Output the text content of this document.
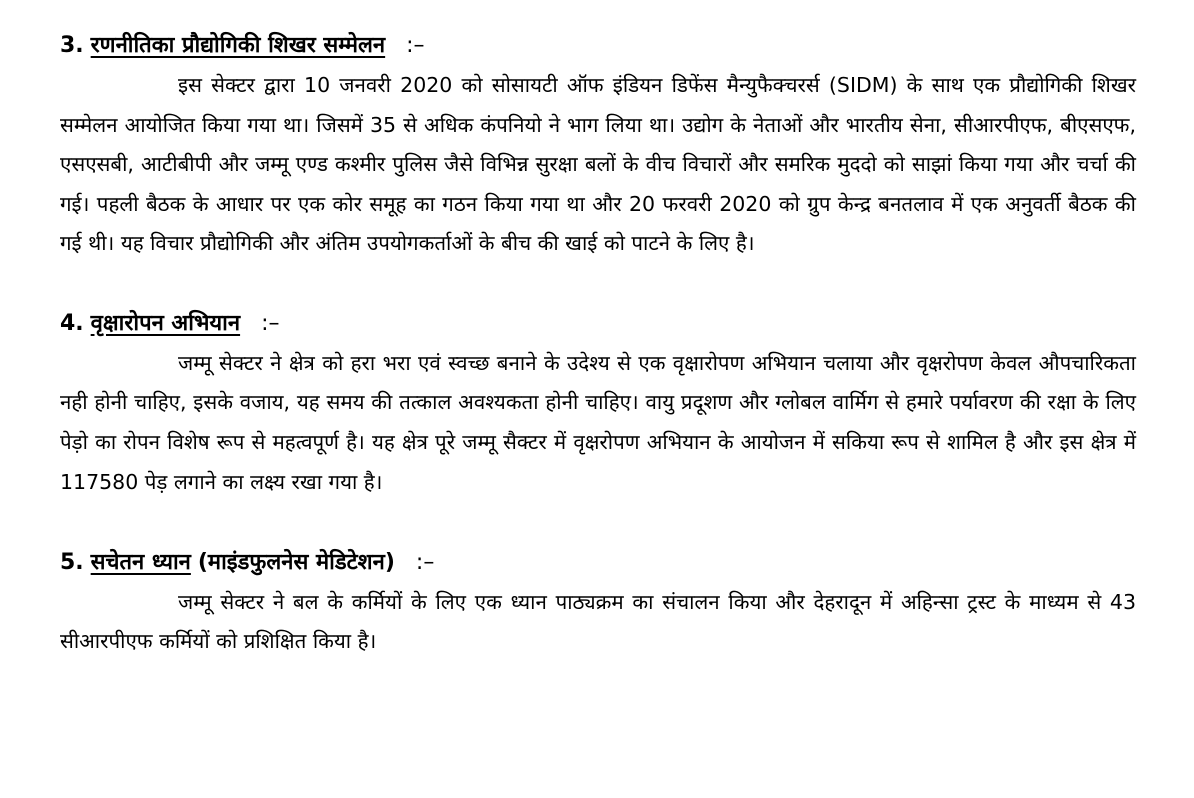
3. रणनीतिका प्रौद्योगिकी शिखर सम्मेलन :–

इस सेक्टर द्वारा 10 जनवरी 2020 को सोसायटी ऑफ इंडियन डिफेंस मैन्युफैक्चरर्स (SIDM) के साथ एक प्रौद्योगिकी शिखर सम्मेलन आयोजित किया गया था। जिसमें 35 से अधिक कंपनियो ने भाग लिया था। उद्योग के नेताओं और भारतीय सेना, सीआरपीएफ, बीएसएफ, एसएसबी, आटीबीपी और जम्मू एण्ड कश्मीर पुलिस जैसे विभिन्न सुरक्षा बलों के वीच विचारों और समरिक मुददो को साझां किया गया और चर्चा की गई। पहली बैठक के आधार पर एक कोर समूह का गठन किया गया था और 20 फरवरी 2020 को ग्रुप केन्द्र बनतलाव में एक अनुवर्ती बैठक की गई थी। यह विचार प्रौद्योगिकी और अंतिम उपयोगकर्ताओं के बीच की खाई को पाटने के लिए है।

4. वृक्षारोपन अभियान :–

जम्मू सेक्टर ने क्षेत्र को हरा भरा एवं स्वच्छ बनाने के उदेश्य से एक वृक्षारोपण अभियान चलाया और वृक्षरोपण केवल औपचारिकता नही होनी चाहिए, इसके वजाय, यह समय की तत्काल अवश्यकता होनी चाहिए। वायु प्रदूशण और ग्लोबल वार्मिग से हमारे पर्यावरण की रक्षा के लिए पेड़ो का रोपन विशेष रूप से महत्वपूर्ण है। यह क्षेत्र पूरे जम्मू सैक्टर में वृक्षरोपण अभियान के आयोजन में सकिया रूप से शामिल है और इस क्षेत्र में 117580 पेड़ लगाने का लक्ष्य रखा गया है।

5. सचेतन ध्यान (माइंडफुलनेस मेडिटेशन) :–

जम्मू सेक्टर ने बल के कर्मियों के लिए एक ध्यान पाठ्यक्रम का संचालन किया और देहरादून में अहिन्सा ट्रस्ट के माध्यम से 43 सीआरपीएफ कर्मियों को प्रशिक्षित किया है।
